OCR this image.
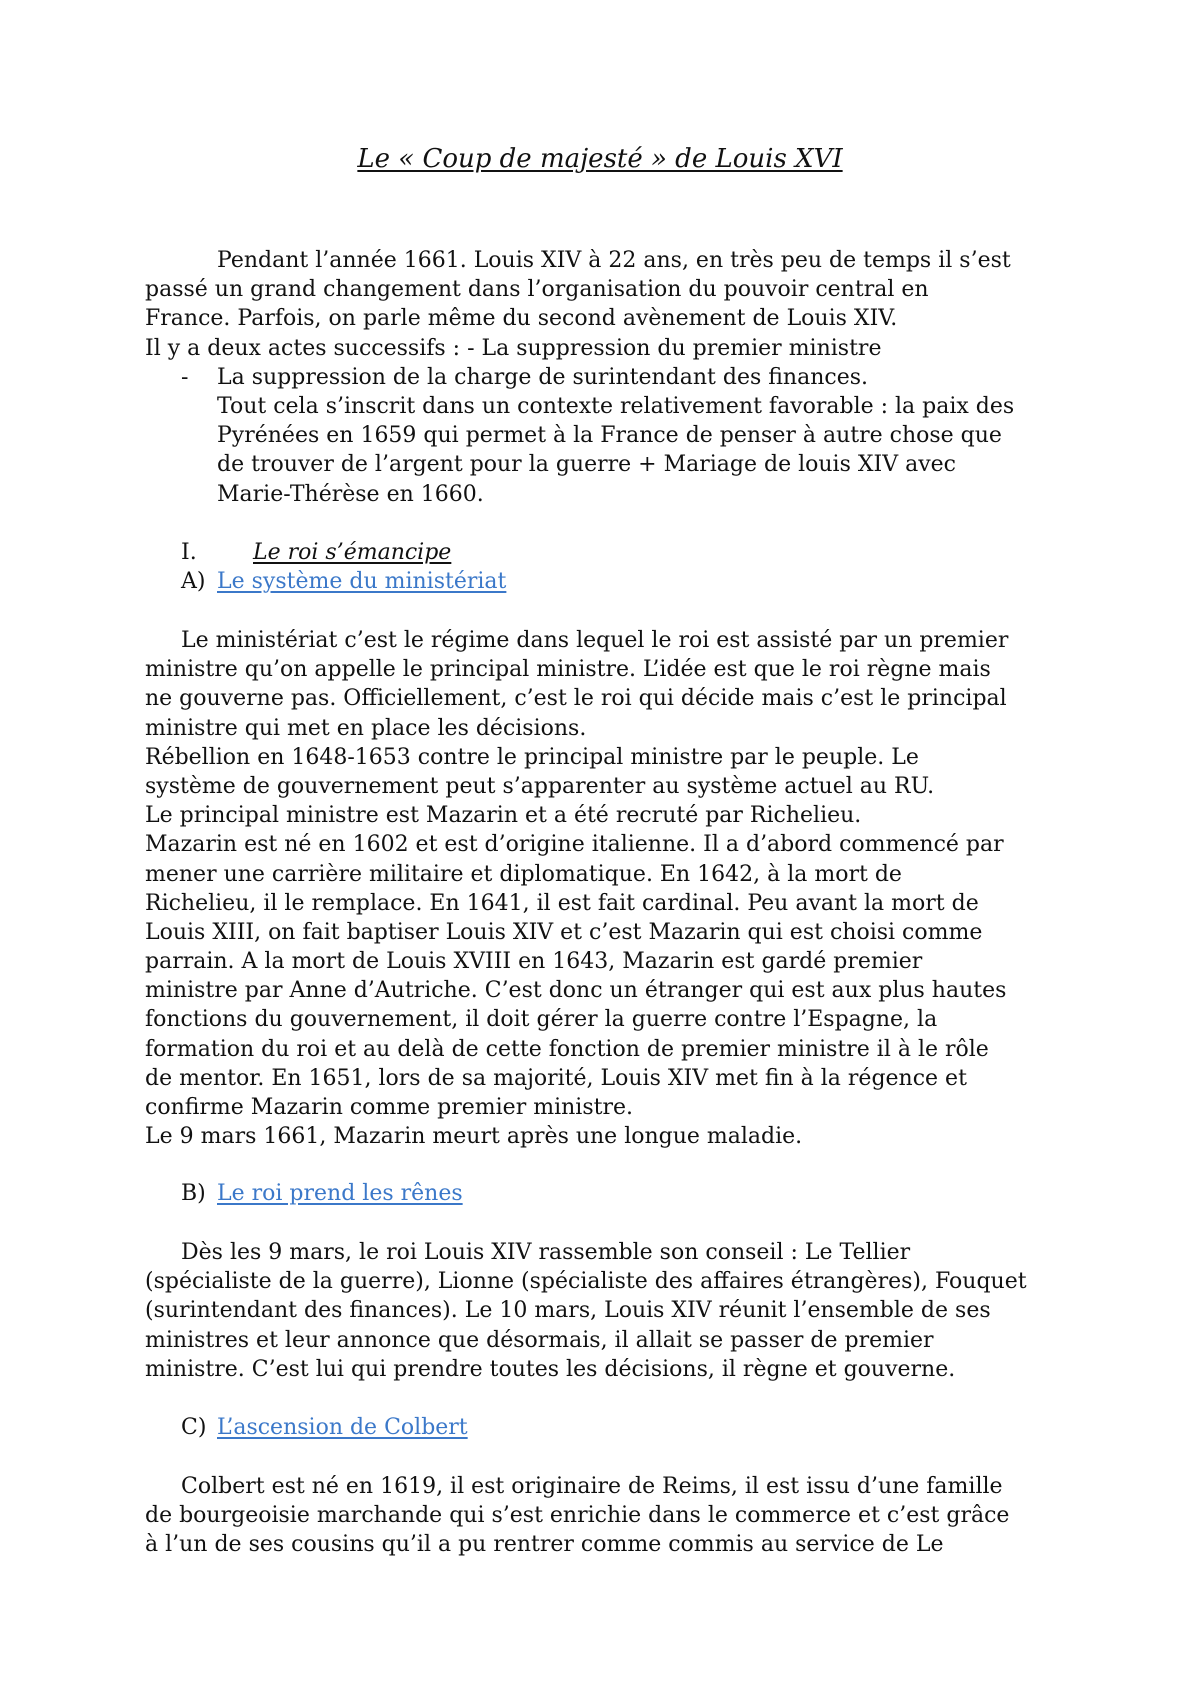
Le « Coup de majesté » de Louis XVI
Pendant l’année 1661. Louis XIV à 22 ans, en très peu de temps il s’est
passé un grand changement dans l’organisation du pouvoir central en
France. Parfois, on parle même du second avènement de Louis XIV.
Il y a deux actes successifs : - La suppression du premier ministre
- La suppression de la charge de surintendant des finances.
Tout cela s’inscrit dans un contexte relativement favorable : la paix des
Pyrénées en 1659 qui permet à la France de penser à autre chose que
de trouver de l’argent pour la guerre + Mariage de louis XIV avec
Marie-Thérèse en 1660.
I.	Le roi s’émancipe
A) Le système du ministériat
Le ministériat c’est le régime dans lequel le roi est assisté par un premier
ministre qu’on appelle le principal ministre. L’idée est que le roi règne mais
ne gouverne pas. Officiellement, c’est le roi qui décide mais c’est le principal
ministre qui met en place les décisions.
Rébellion en 1648-1653 contre le principal ministre par le peuple. Le
système de gouvernement peut s’apparenter au système actuel au RU.
Le principal ministre est Mazarin et a été recruté par Richelieu.
Mazarin est né en 1602 et est d’origine italienne. Il a d’abord commencé par
mener une carrière militaire et diplomatique. En 1642, à la mort de
Richelieu, il le remplace. En 1641, il est fait cardinal. Peu avant la mort de
Louis XIII, on fait baptiser Louis XIV et c’est Mazarin qui est choisi comme
parrain. A la mort de Louis XVIII en 1643, Mazarin est gardé premier
ministre par Anne d’Autriche. C’est donc un étranger qui est aux plus hautes
fonctions du gouvernement, il doit gérer la guerre contre l’Espagne, la
formation du roi et au delà de cette fonction de premier ministre il à le rôle
de mentor. En 1651, lors de sa majorité, Louis XIV met fin à la régence et
confirme Mazarin comme premier ministre.
Le 9 mars 1661, Mazarin meurt après une longue maladie.
B) Le roi prend les rênes
Dès les 9 mars, le roi Louis XIV rassemble son conseil : Le Tellier
(spécialiste de la guerre), Lionne (spécialiste des affaires étrangères), Fouquet
(surintendant des finances). Le 10 mars, Louis XIV réunit l’ensemble de ses
ministres et leur annonce que désormais, il allait se passer de premier
ministre. C’est lui qui prendre toutes les décisions, il règne et gouverne.
C) L’ascension de Colbert
Colbert est né en 1619, il est originaire de Reims, il est issu d’une famille
de bourgeoisie marchande qui s’est enrichie dans le commerce et c’est grâce
à l’un de ses cousins qu’il a pu rentrer comme commis au service de Le
